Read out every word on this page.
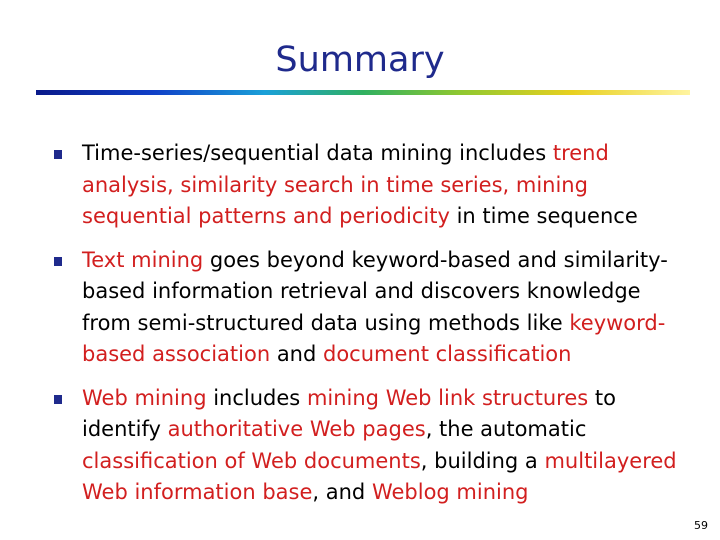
Summary
Time-series/sequential data mining includes trend analysis, similarity search in time series, mining sequential patterns and periodicity in time sequence
Text mining goes beyond keyword-based and similarity-based information retrieval and discovers knowledge from semi-structured data using methods like keyword-based association and document classification
Web mining includes mining Web link structures to identify authoritative Web pages, the automatic classification of Web documents, building a multilayered Web information base, and Weblog mining
59
